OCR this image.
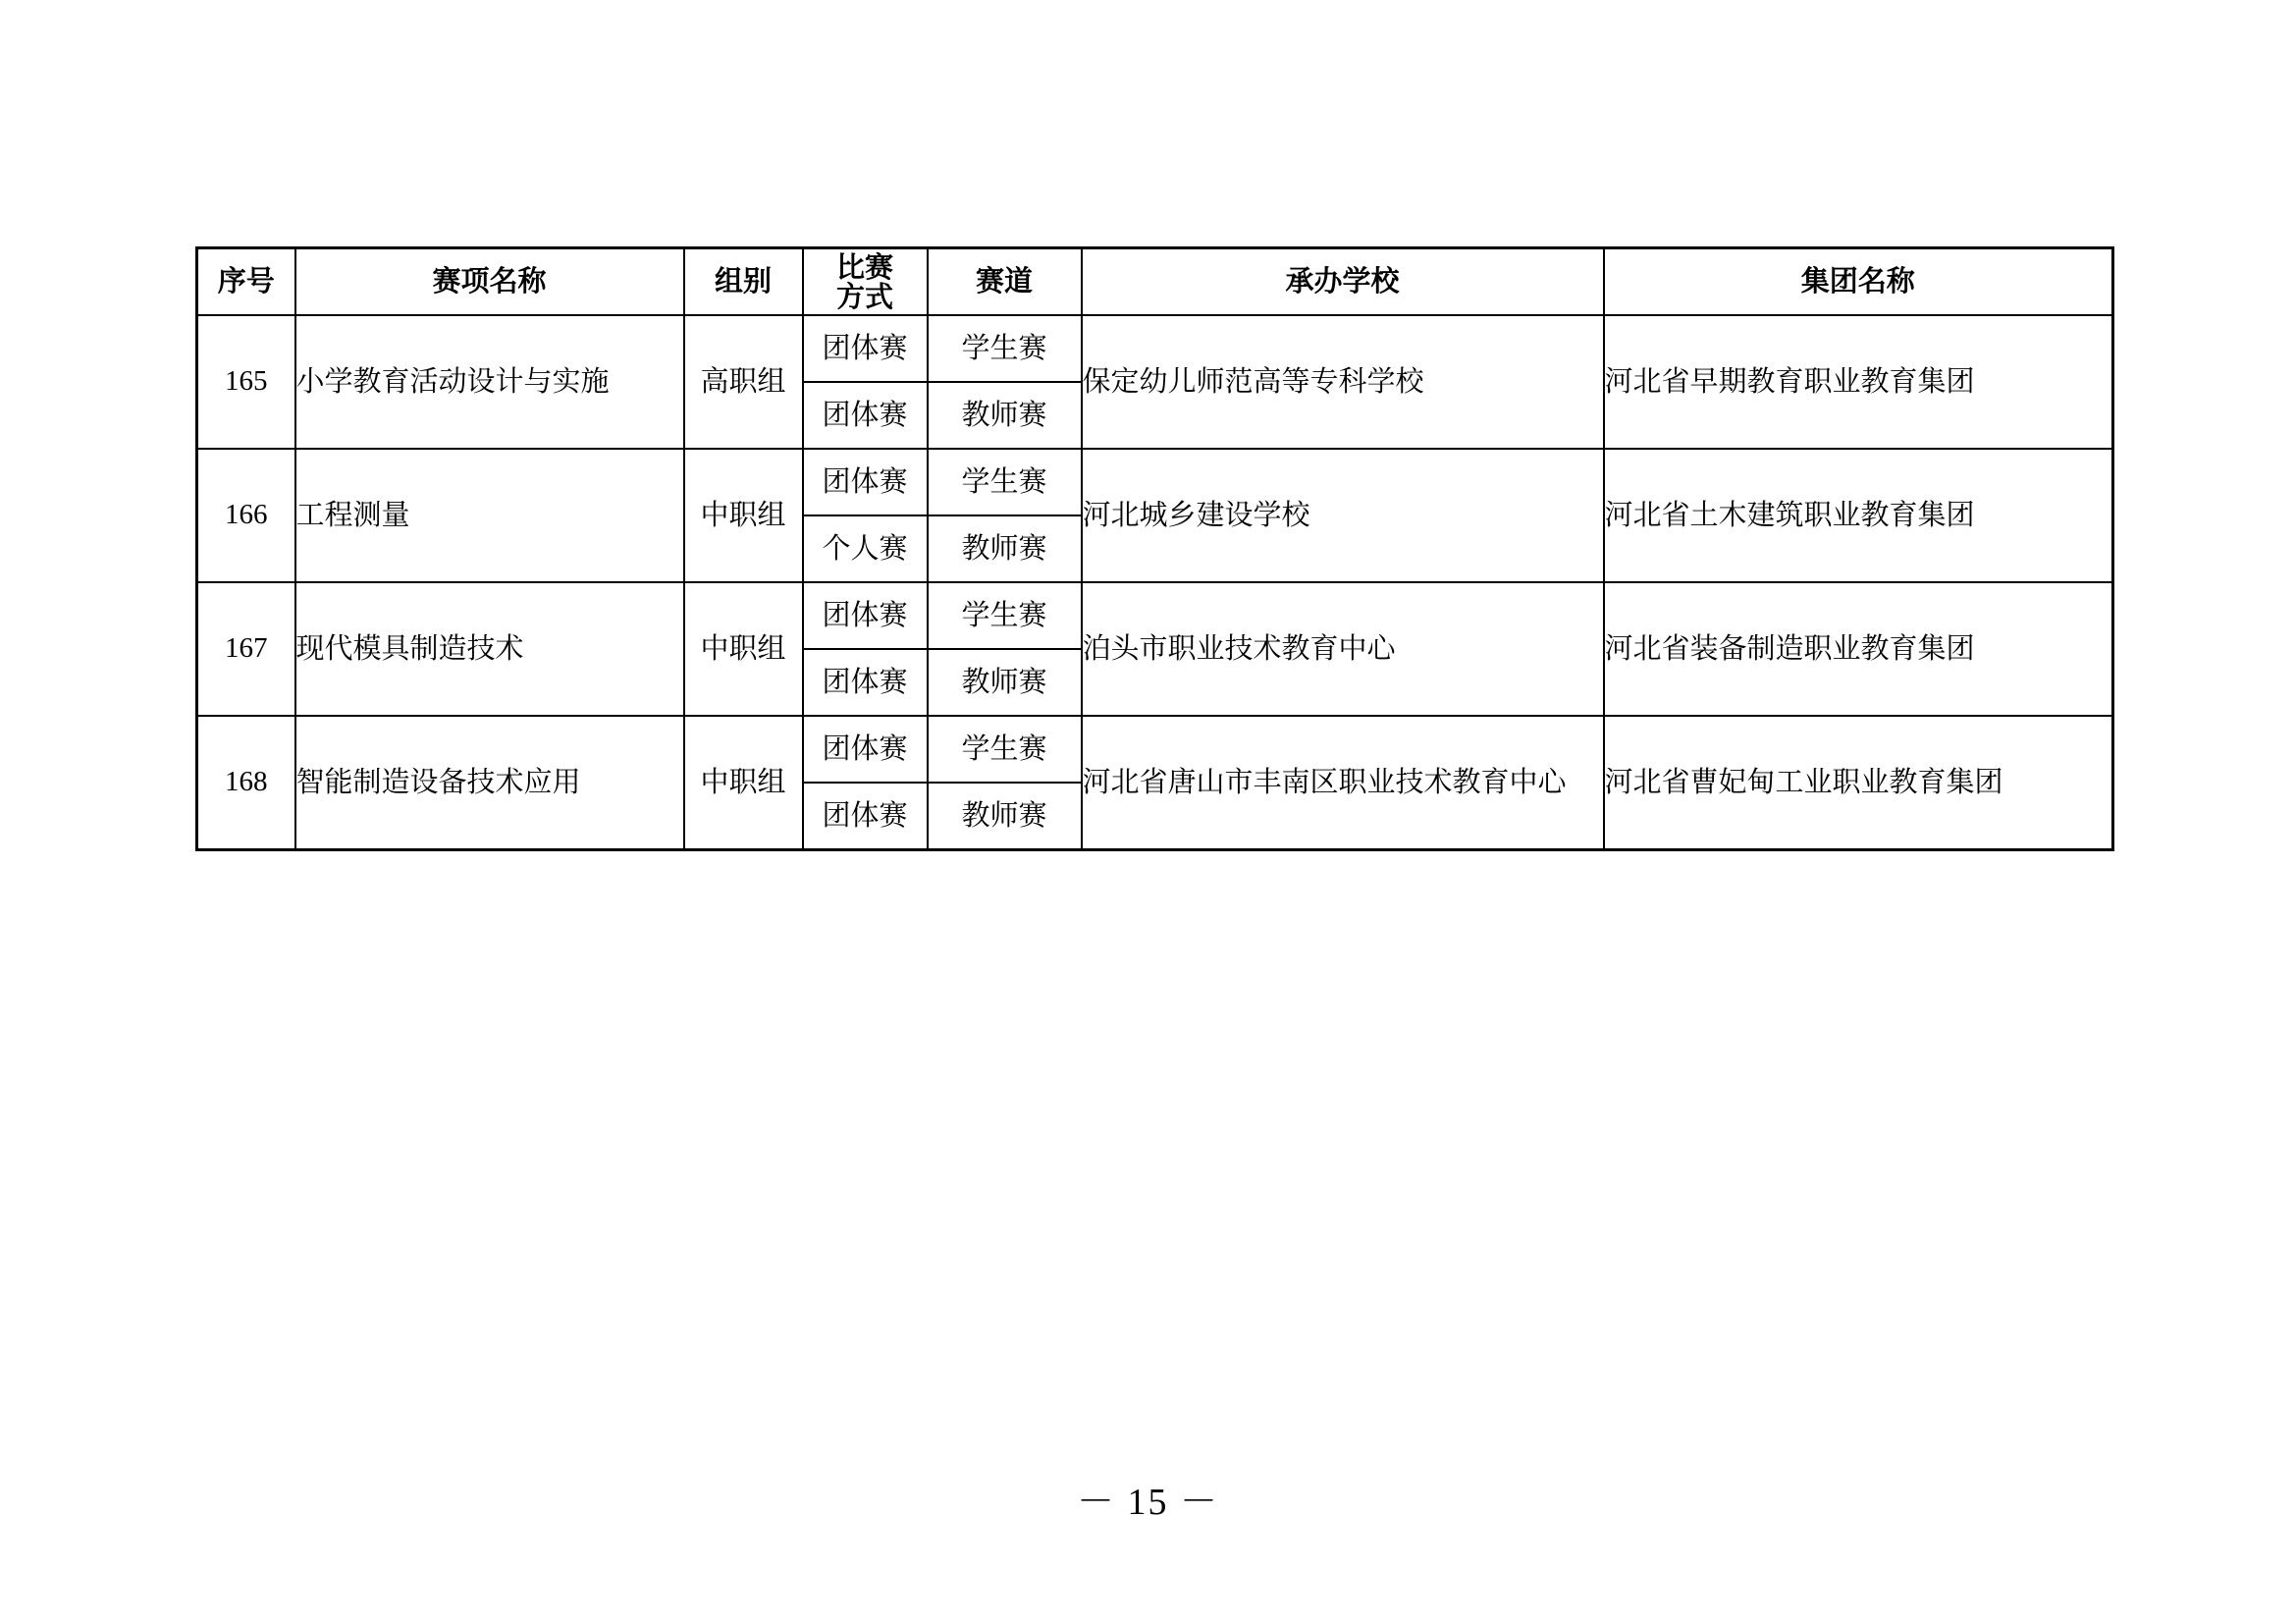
序号	赛项名称	组别	比赛
方式	赛道	承办学校	集团名称
165	小学教育活动设计与实施	高职组	团体赛	学生赛	保定幼儿师范高等专科学校	河北省早期教育职业教育集团
			团体赛	教师赛		
166	工程测量	中职组	团体赛	学生赛	河北城乡建设学校	河北省土木建筑职业教育集团
			个人赛	教师赛		
167	现代模具制造技术	中职组	团体赛	学生赛	泊头市职业技术教育中心	河北省装备制造职业教育集团
			团体赛	教师赛		
168	智能制造设备技术应用	中职组	团体赛	学生赛	河北省唐山市丰南区职业技术教育中心	河北省曹妃甸工业职业教育集团
			团体赛	教师赛		
－ 15 －
